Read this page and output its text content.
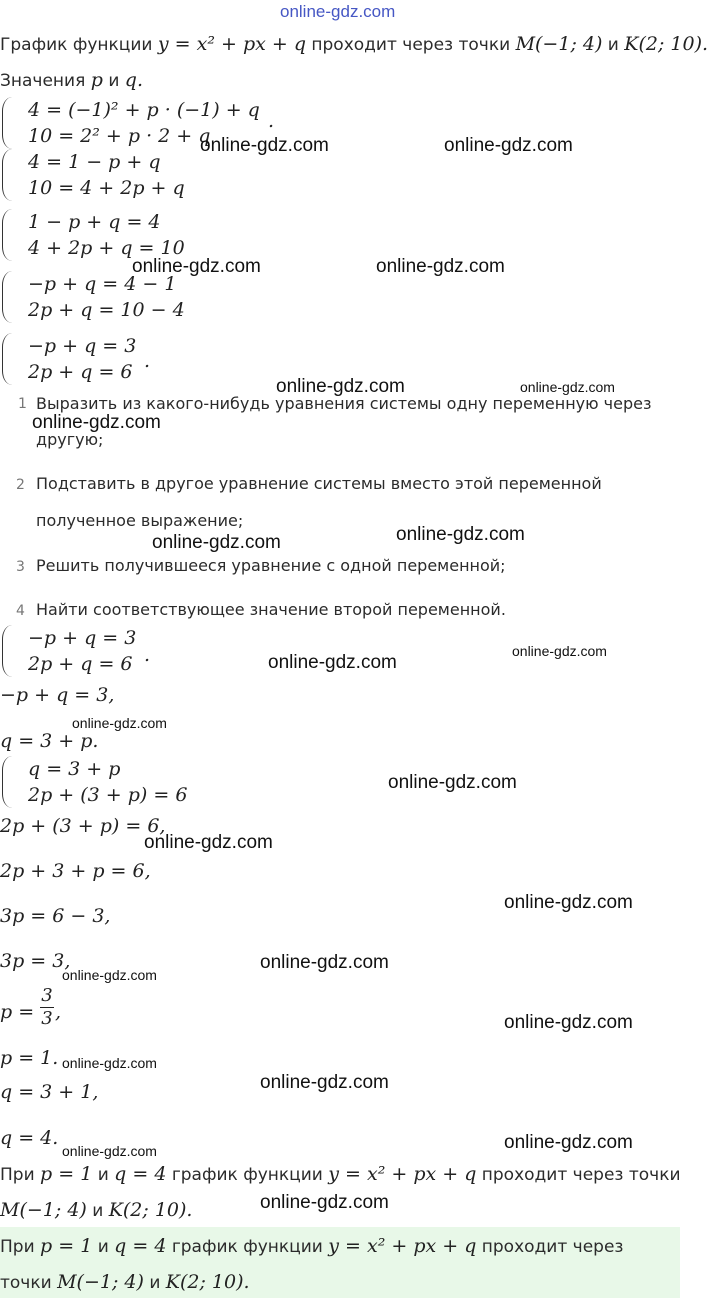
online-gdz.com
График функции y = x² + px + q проходит через точки M(−1; 4) и K(2; 10).
Значения p и q.
4 = (−1)² + p · (−1) + q
10 = 2² + p · 2 + q
.
4 = 1 − p + q
10 = 4 + 2p + q
1 − p + q = 4
4 + 2p + q = 10
−p + q = 4 − 1
2p + q = 10 − 4
−p + q = 3
2p + q = 6 .
1 Выразить из какого-нибудь уравнения системы одну переменную через
другую;
2 Подставить в другое уравнение системы вместо этой переменной
полученное выражение;
3 Решить получившееся уравнение с одной переменной;
4 Найти соответствующее значение второй переменной.
−p + q = 3
2p + q = 6 .
−p + q = 3,
q = 3 + p.
q = 3 + p
2p + (3 + p) = 6
2p + (3 + p) = 6,
2p + 3 + p = 6,
3p = 6 − 3,
3p = 3,
p =
3
3 ,
p = 1.
q = 3 + 1,
q = 4.
При p = 1 и q = 4 график функции y = x² + px + q проходит через точки
M(−1; 4) и K(2; 10).
При p = 1 и q = 4 график функции y = x² + px + q проходит через
точки M(−1; 4) и K(2; 10).
online-gdz.com	online-gdz.com
online-gdz.com	online-gdz.com
online-gdz.com	online-gdz.com
online-gdz.com
online-gdz.com
online-gdz.com
online-gdz.com
online-gdz.com
online-gdz.com
online-gdz.com
online-gdz.com
online-gdz.com
online-gdz.com
online-gdz.com
online-gdz.com
online-gdz.com
online-gdz.com
online-gdz.com
online-gdz.com
online-gdz.com
